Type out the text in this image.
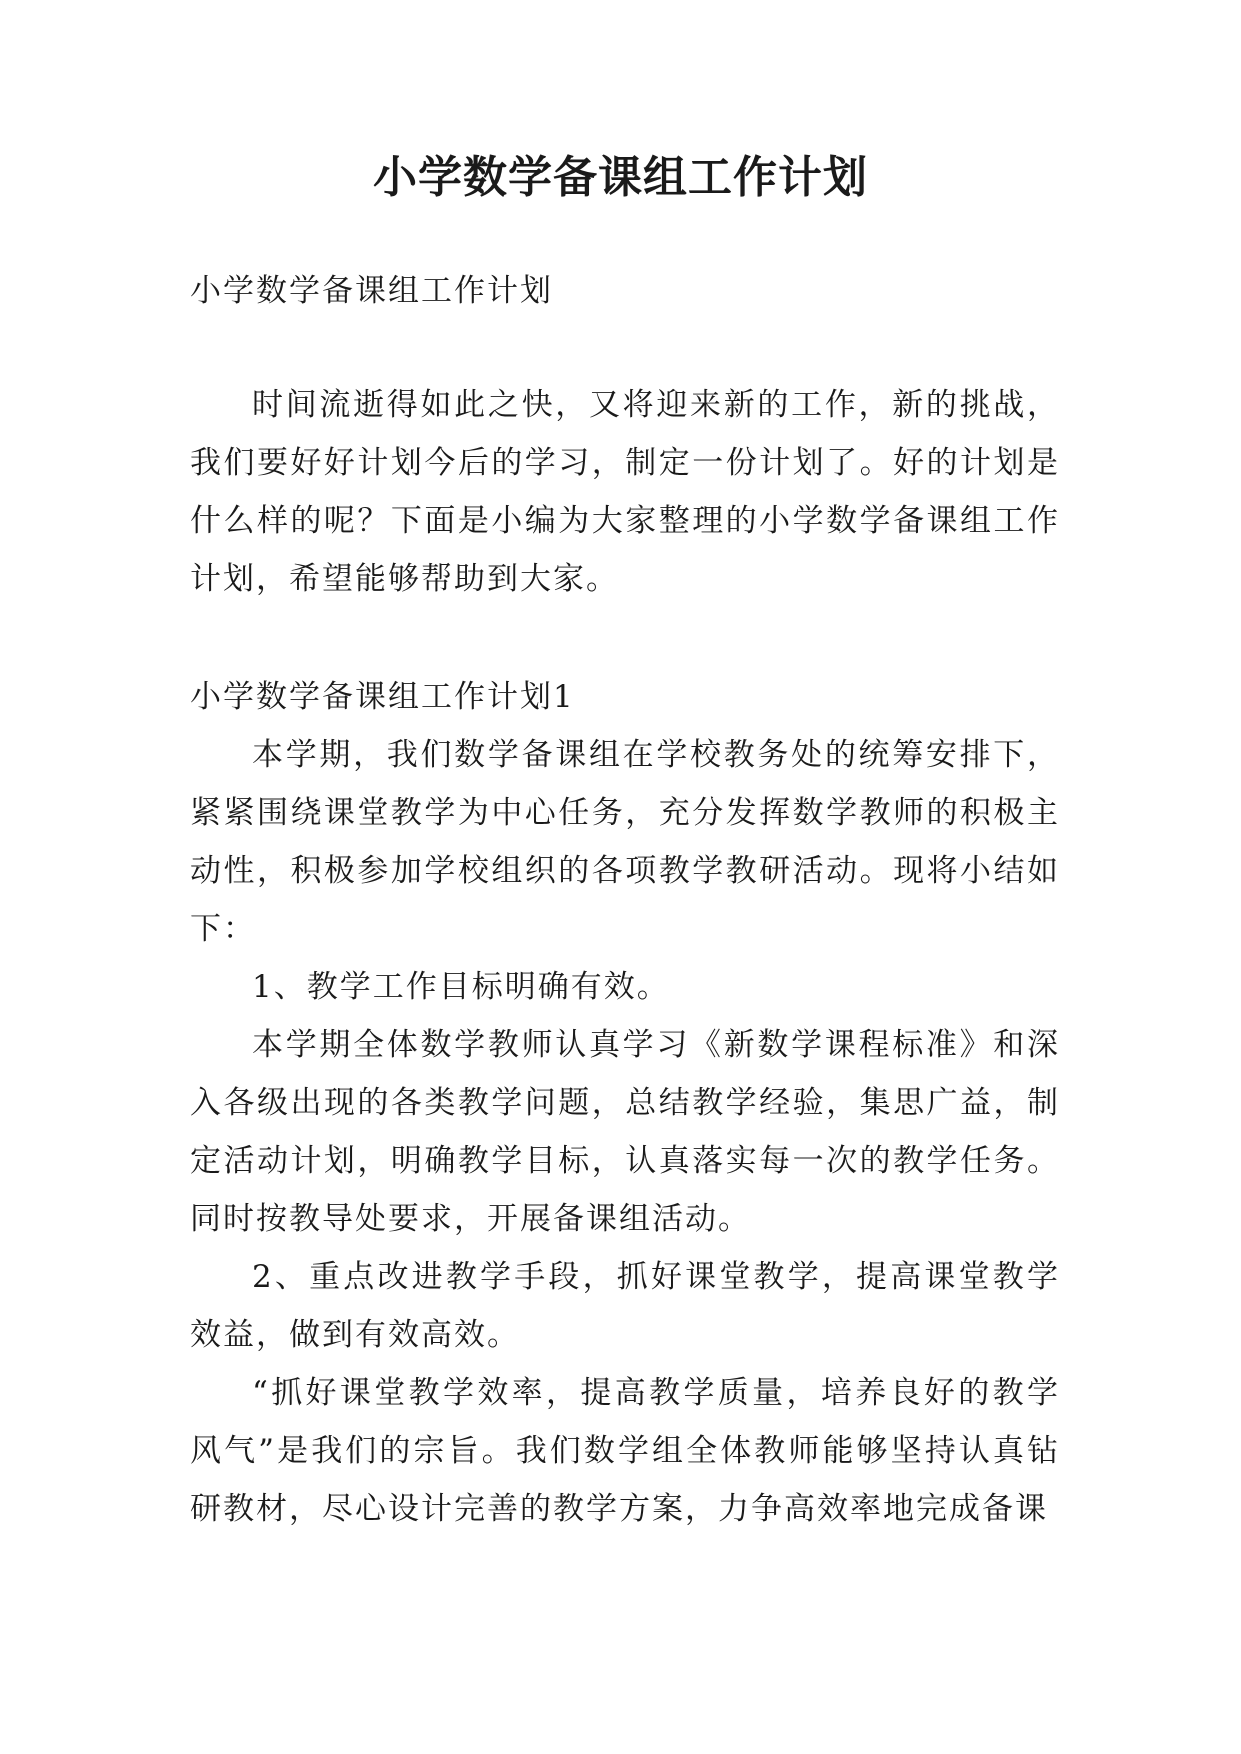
小学数学备课组工作计划

小学数学备课组工作计划

时间流逝得如此之快，又将迎来新的工作，新的挑战，我们要好好计划今后的学习，制定一份计划了。好的计划是什么样的呢？下面是小编为大家整理的小学数学备课组工作计划，希望能够帮助到大家。

小学数学备课组工作计划1

本学期，我们数学备课组在学校教务处的统筹安排下，紧紧围绕课堂教学为中心任务，充分发挥数学教师的积极主动性，积极参加学校组织的各项教学教研活动。现将小结如下：

1、教学工作目标明确有效。

本学期全体数学教师认真学习《新数学课程标准》和深入各级出现的各类教学问题，总结教学经验，集思广益，制定活动计划，明确教学目标，认真落实每一次的教学任务。同时按教导处要求，开展备课组活动。

2、重点改进教学手段，抓好课堂教学，提高课堂教学效益，做到有效高效。

“抓好课堂教学效率，提高教学质量，培养良好的教学风气”是我们的宗旨。我们数学组全体教师能够坚持认真钻研教材，尽心设计完善的教学方案，力争高效率地完成备课
